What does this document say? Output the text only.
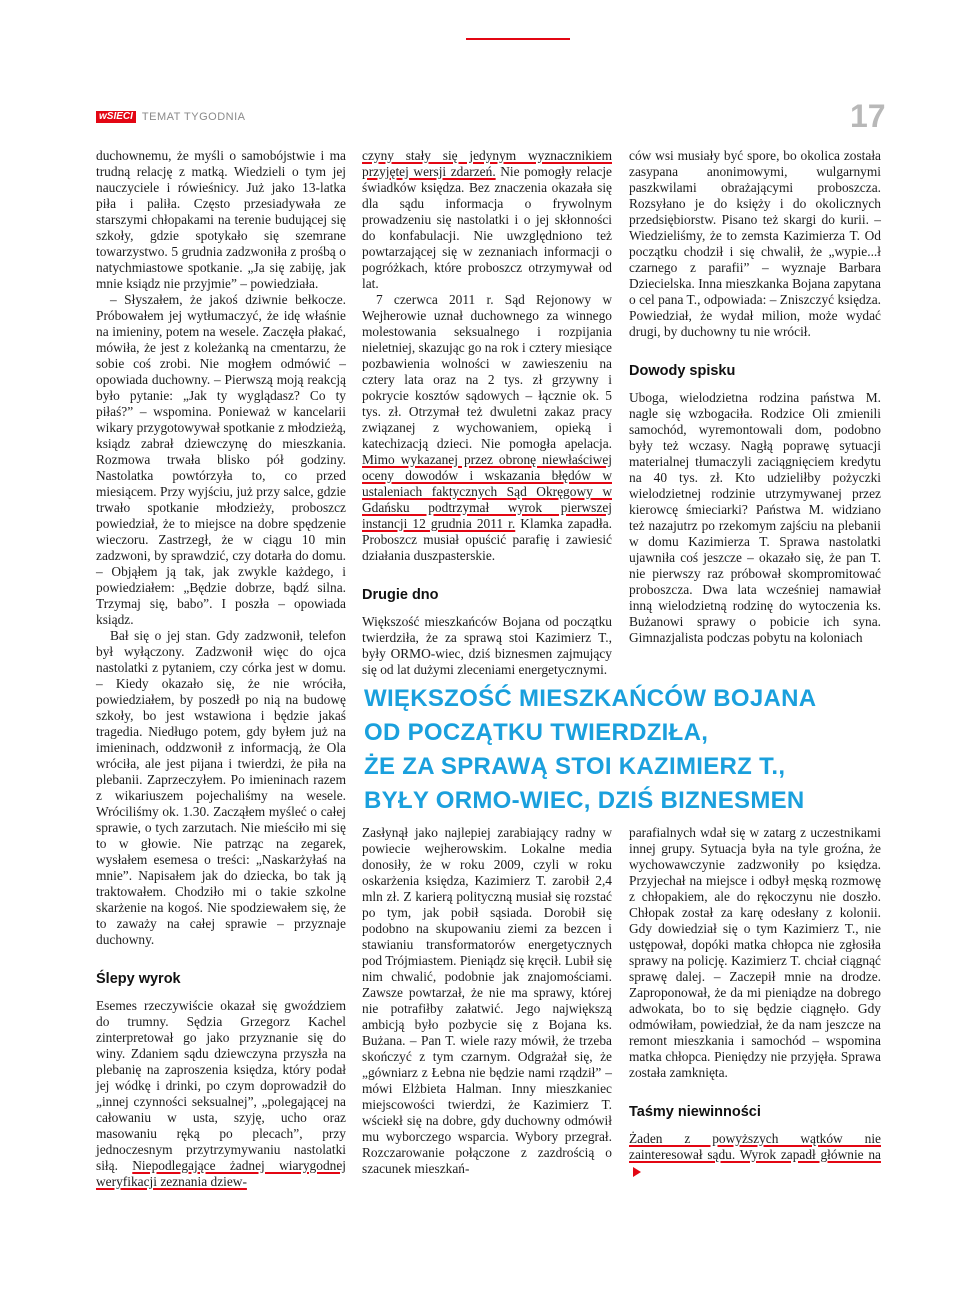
wSIECI TEMAT TYGODNIA	17

duchownemu, że myśli o samobójstwie i ma trudną relację z matką. Wiedzieli o tym jej nauczyciele i rówieśnicy. Już jako 13-latka piła i paliła. Często przesiadywała ze starszymi chłopakami na terenie budującej się szkoły, gdzie spotykało się szemrane towarzystwo. 5 grudnia zadzwoniła z prośbą o natychmiastowe spotkanie. „Ja się zabiję, jak mnie ksiądz nie przyjmie” – powiedziała.

– Słyszałem, że jakoś dziwnie bełkocze. Próbowałem jej wytłumaczyć, że idę właśnie na imieniny, potem na wesele. Zaczęła płakać, mówiła, że jest z koleżanką na cmentarzu, że sobie coś zrobi. Nie mogłem odmówić – opowiada duchowny. – Pierwszą moją reakcją było pytanie: „Jak ty wyglądasz? Co ty piłaś?” – wspomina. Ponieważ w kancelarii wikary przygotowywał spotkanie z młodzieżą, ksiądz zabrał dziewczynę do mieszkania. Rozmowa trwała blisko pół godziny. Nastolatka powtórzyła to, co przed miesiącem. Przy wyjściu, już przy salce, gdzie trwało spotkanie młodzieży, proboszcz powiedział, że to miejsce na dobre spędzenie wieczoru. Zastrzegł, że w ciągu 10 min zadzwoni, by sprawdzić, czy dotarła do domu. – Objąłem ją tak, jak zwykle każdego, i powiedziałem: „Będzie dobrze, bądź silna. Trzymaj się, babo”. I poszła – opowiada ksiądz.

Bał się o jej stan. Gdy zadzwonił, telefon był wyłączony. Zadzwonił więc do ojca nastolatki z pytaniem, czy córka jest w domu. – Kiedy okazało się, że nie wróciła, powiedziałem, by poszedł po nią na budowę szkoły, bo jest wstawiona i będzie jakaś tragedia. Niedługo potem, gdy byłem już na imieninach, oddzwonił z informacją, że Ola wróciła, ale jest pijana i twierdzi, że piła na plebanii. Zaprzeczyłem. Po imieninach razem z wikariuszem pojechaliśmy na wesele. Wróciliśmy ok. 1.30. Zacząłem myśleć o całej sprawie, o tych zarzutach. Nie mieściło mi się to w głowie. Nie patrząc na zegarek, wysłałem esemesa o treści: „Naskarżyłaś na mnie”. Napisałem jak do dziecka, bo tak ją traktowałem. Chodziło mi o takie szkolne skarżenie na kogoś. Nie spodziewałem się, że to zaważy na całej sprawie – przyznaje duchowny.

Ślepy wyrok

Esemes rzeczywiście okazał się gwoździem do trumny. Sędzia Grzegorz Kachel zinterpretował go jako przyznanie się do winy. Zdaniem sądu dziewczyna przyszła na plebanię na zaproszenia księdza, który podał jej wódkę i drinki, po czym doprowadził do „innej czynności seksualnej”, „polegającej na całowaniu w usta, szyję, ucho oraz masowaniu ręką po plecach”, przy jednoczesnym przytrzymywaniu nastolatki siłą. Niepodlegające żadnej wiarygodnej weryfikacji zeznania dziew-

czyny stały się jedynym wyznacznikiem przyjętej wersji zdarzeń. Nie pomogły relacje świadków księdza. Bez znaczenia okazała się dla sądu informacja o frywolnym prowadzeniu się nastolatki i o jej skłonności do konfabulacji. Nie uwzględniono też powtarzającej się w zeznaniach informacji o pogróżkach, które proboszcz otrzymywał od lat.

7 czerwca 2011 r. Sąd Rejonowy w Wejherowie uznał duchownego za winnego molestowania seksualnego i rozpijania nieletniej, skazując go na rok i cztery miesiące pozbawienia wolności w zawieszeniu na cztery lata oraz na 2 tys. zł grzywny i pokrycie kosztów sądowych – łącznie ok. 5 tys. zł. Otrzymał też dwuletni zakaz pracy związanej z wychowaniem, opieką i katechizacją dzieci. Nie pomogła apelacja. Mimo wykazanej przez obronę niewłaściwej oceny dowodów i wskazania błędów w ustaleniach faktycznych Sąd Okręgowy w Gdańsku podtrzymał wyrok pierwszej instancji 12 grudnia 2011 r. Klamka zapadła. Proboszcz musiał opuścić parafię i zawiesić działania duszpasterskie.

Drugie dno

Większość mieszkańców Bojana od początku twierdziła, że za sprawą stoi Kazimierz T., były ORMO-wiec, dziś biznesmen zajmujący się od lat dużymi zleceniami energetycznymi.

ców wsi musiały być spore, bo okolica została zasypana anonimowymi, wulgarnymi paszkwilami obrażającymi proboszcza. Rozsyłano je do księży i do okolicznych przedsiębiorstw. Pisano też skargi do kurii. – Wiedzieliśmy, że to zemsta Kazimierza T. Od początku chodził i się chwalił, że „wypie...ł czarnego z parafii” – wyznaje Barbara Dziecielska. Inna mieszkanka Bojana zapytana o cel pana T., odpowiada: – Zniszczyć księdza. Powiedział, że wydał milion, może wydać drugi, by duchowny tu nie wrócił.

Dowody spisku

Uboga, wielodzietna rodzina państwa M. nagle się wzbogaciła. Rodzice Oli zmienili samochód, wyremontowali dom, podobno były też wczasy. Nagłą poprawę sytuacji materialnej tłumaczyli zaciągnięciem kredytu na 40 tys. zł. Kto udzieliłby pożyczki wielodzietnej rodzinie utrzymywanej przez kierowcę śmieciarki? Państwa M. widziano też nazajutrz po rzekomym zajściu na plebanii w domu Kazimierza T. Sprawa nastolatki ujawniła coś jeszcze – okazało się, że pan T. nie pierwszy raz próbował skompromitować proboszcza. Dwa lata wcześniej namawiał inną wielodzietną rodzinę do wytoczenia ks. Bużanowi sprawy o pobicie ich syna. Gimnazjalista podczas pobytu na koloniach

WIĘKSZOŚĆ MIESZKAŃCÓW BOJANA
OD POCZĄTKU TWIERDZIŁA,
ŻE ZA SPRAWĄ STOI KAZIMIERZ T.,
BYŁY ORMO-WIEC, DZIŚ BIZNESMEN

Zasłynął jako najlepiej zarabiający radny w powiecie wejherowskim. Lokalne media donosiły, że w roku 2009, czyli w roku oskarżenia księdza, Kazimierz T. zarobił 2,4 mln zł. Z karierą polityczną musiał się rozstać po tym, jak pobił sąsiada. Dorobił się podobno na skupowaniu ziemi za bezcen i stawianiu transformatorów energetycznych pod Trójmiastem. Pieniądz się kręcił. Lubił się nim chwalić, podobnie jak znajomościami. Zawsze powtarzał, że nie ma sprawy, której nie potrafiłby załatwić. Jego największą ambicją było pozbycie się z Bojana ks. Bużana. – Pan T. wiele razy mówił, że trzeba skończyć z tym czarnym. Odgrażał się, że „gówniarz z Łebna nie będzie nami rządził” – mówi Elżbieta Halman. Inny mieszkaniec miejscowości twierdzi, że Kazimierz T. wściekł się na dobre, gdy duchowny odmówił mu wyborczego wsparcia. Wybory przegrał. Rozczarowanie połączone z zazdrością o szacunek mieszkań-

parafialnych wdał się w zatarg z uczestnikami innej grupy. Sytuacja była na tyle groźna, że wychowawczynie zadzwoniły po księdza. Przyjechał na miejsce i odbył męską rozmowę z chłopakiem, ale do rękoczynu nie doszło. Chłopak został za karę odesłany z kolonii. Gdy dowiedział się o tym Kazimierz T., nie ustępował, dopóki matka chłopca nie zgłosiła sprawy na policję. Kazimierz T. chciał ciągnąć sprawę dalej. – Zaczepił mnie na drodze. Zaproponował, że da mi pieniądze na dobrego adwokata, bo to się będzie ciągnęło. Gdy odmówiłam, powiedział, że da nam jeszcze na remont mieszkania i samochód – wspomina matka chłopca. Pieniędzy nie przyjęła. Sprawa została zamknięta.

Taśmy niewinności

Żaden z powyższych wątków nie zainteresował sądu. Wyrok zapadł głównie na
